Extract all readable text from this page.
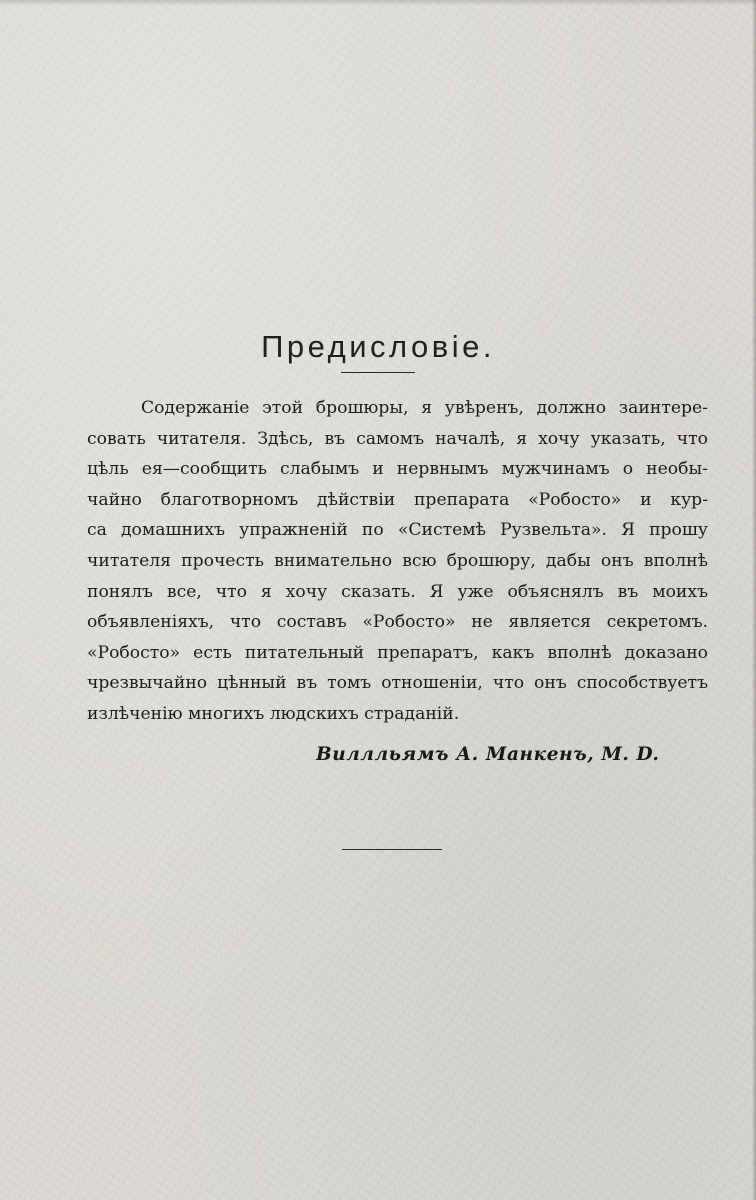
Предисловiе.
Содержанiе этой брошюры, я увѣренъ, должно заинтере-
совать читателя. Здѣсь, въ самомъ началѣ, я хочу указать, что
цѣль ея—сообщить слабымъ и нервнымъ мужчинамъ о необы-
чайно благотворномъ дѣйствiи препарата «Робосто» и кур-
са домашнихъ упражненiй по «Системѣ Рузвельта». Я прошу
читателя прочесть внимательно всю брошюру, дабы онъ вполнѣ
понялъ все, что я хочу сказать. Я уже объяснялъ въ моихъ
объявленiяхъ, что составъ «Робосто» не является секретомъ.
«Робосто» есть питательный препаратъ, какъ вполнѣ доказано
чрезвычайно цѣнный въ томъ отношенiи, что онъ способствуетъ
излѣченiю многихъ людскихъ страданiй.
Виллльямъ А. Манкенъ, М. D.
